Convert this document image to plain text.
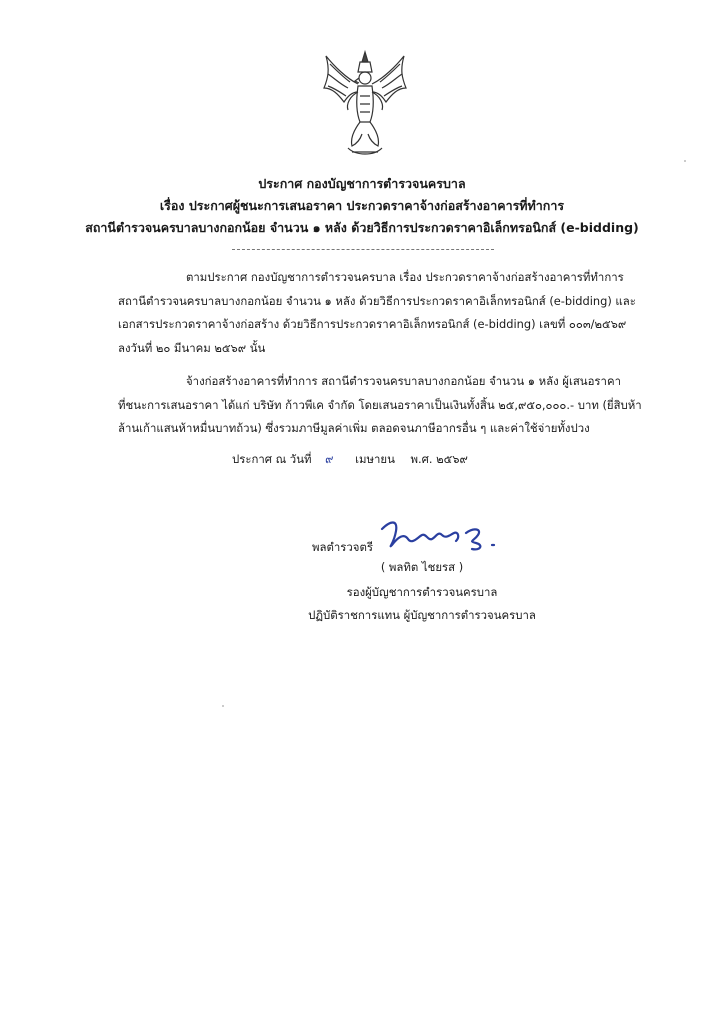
ประกาศ กองบัญชาการตำรวจนครบาล
เรื่อง ประกาศผู้ชนะการเสนอราคา ประกวดราคาจ้างก่อสร้างอาคารที่ทำการ
สถานีตำรวจนครบาลบางกอกน้อย จำนวน ๑ หลัง ด้วยวิธีการประกวดราคาอิเล็กทรอนิกส์ (e-bidding)
ตามประกาศ กองบัญชาการตำรวจนครบาล เรื่อง ประกวดราคาจ้างก่อสร้างอาคารที่ทำการ
สถานีตำรวจนครบาลบางกอกน้อย จำนวน ๑ หลัง ด้วยวิธีการประกวดราคาอิเล็กทรอนิกส์ (e-bidding) และ
เอกสารประกวดราคาจ้างก่อสร้าง ด้วยวิธีการประกวดราคาอิเล็กทรอนิกส์ (e-bidding) เลขที่ ๐๐๓/๒๕๖๙
ลงวันที่ ๒๐ มีนาคม ๒๕๖๙ นั้น
จ้างก่อสร้างอาคารที่ทำการ สถานีตำรวจนครบาลบางกอกน้อย จำนวน ๑ หลัง ผู้เสนอราคา
ที่ชนะการเสนอราคา ได้แก่ บริษัท ก้าวพีเค จำกัด โดยเสนอราคาเป็นเงินทั้งสิ้น ๒๕,๙๕๐,๐๐๐.- บาท (ยี่สิบห้า
ล้านเก้าแสนห้าหมื่นบาทถ้วน) ซึ่งรวมภาษีมูลค่าเพิ่ม ตลอดจนภาษีอากรอื่น ๆ และค่าใช้จ่ายทั้งปวง
ประกาศ ณ วันที่ ๙ เมษายน พ.ศ. ๒๕๖๙
พลตำรวจตรี
( พลทิต ไชยรส )
รองผู้บัญชาการตำรวจนครบาล
ปฏิบัติราชการแทน ผู้บัญชาการตำรวจนครบาล
